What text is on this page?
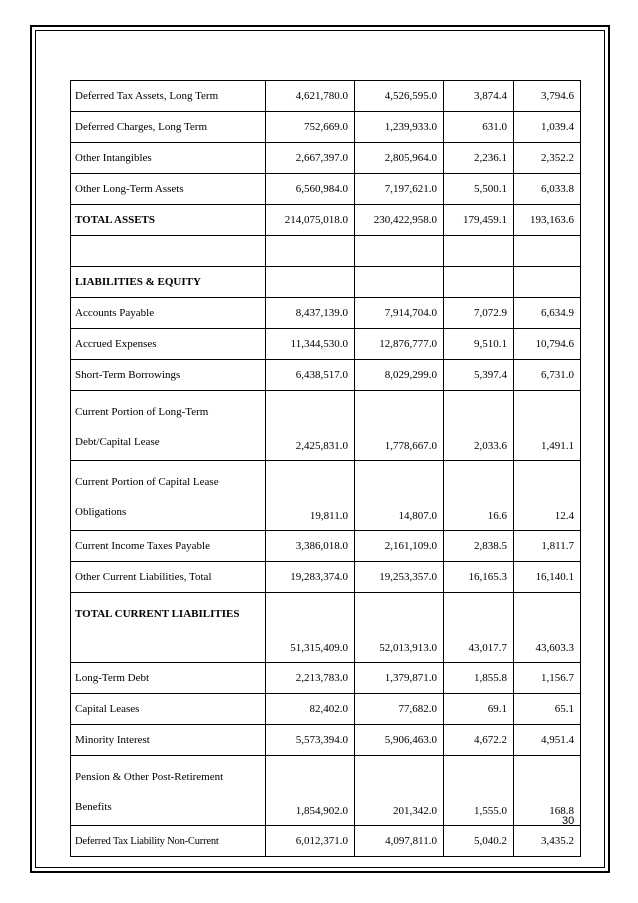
Deferred Tax Assets, Long Term	4,621,780.0	4,526,595.0	3,874.4	3,794.6
Deferred Charges, Long Term	752,669.0	1,239,933.0	631.0	1,039.4
Other Intangibles	2,667,397.0	2,805,964.0	2,236.1	2,352.2
Other Long-Term Assets	6,560,984.0	7,197,621.0	5,500.1	6,033.8
TOTAL ASSETS	214,075,018.0	230,422,958.0	179,459.1	193,163.6

LIABILITIES & EQUITY				
Accounts Payable	8,437,139.0	7,914,704.0	7,072.9	6,634.9
Accrued Expenses	11,344,530.0	12,876,777.0	9,510.1	10,794.6
Short-Term Borrowings	6,438,517.0	8,029,299.0	5,397.4	6,731.0
Current Portion of Long-Term Debt/Capital Lease	2,425,831.0	1,778,667.0	2,033.6	1,491.1
Current Portion of Capital Lease Obligations	19,811.0	14,807.0	16.6	12.4
Current Income Taxes Payable	3,386,018.0	2,161,109.0	2,838.5	1,811.7
Other Current Liabilities, Total	19,283,374.0	19,253,357.0	16,165.3	16,140.1
TOTAL CURRENT LIABILITIES	51,315,409.0	52,013,913.0	43,017.7	43,603.3
Long-Term Debt	2,213,783.0	1,379,871.0	1,855.8	1,156.7
Capital Leases	82,402.0	77,682.0	69.1	65.1
Minority Interest	5,573,394.0	5,906,463.0	4,672.2	4,951.4
Pension & Other Post-Retirement Benefits	1,854,902.0	201,342.0	1,555.0	168.8
Deferred Tax Liability Non-Current	6,012,371.0	4,097,811.0	5,040.2	3,435.2
30
